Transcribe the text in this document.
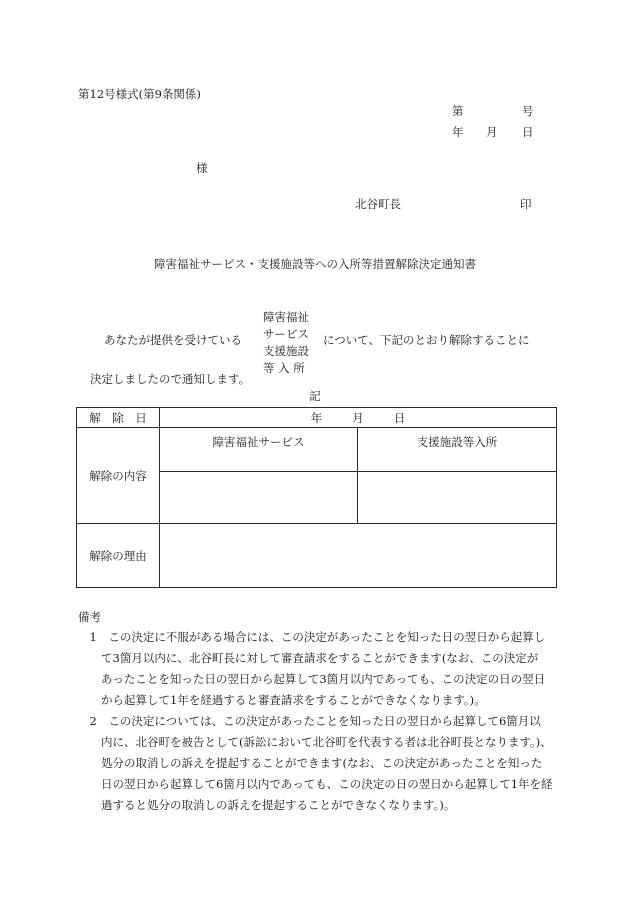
第12号様式(第9条関係)
第	号
年 月 日
様
北谷町長	印
障害福祉サービス・支援施設等への入所等措置解除決定通知書
あなたが提供を受けている
障害福祉
サービス
支援施設
等 入 所
について、下記のとおり解除することに
決定しましたので通知します。
記
解　除　日	年 月 日	
解除の内容	障害福祉サービス	支援施設等入所

解除の理由		
備考
　1　この決定に不服がある場合には、この決定があったことを知った日の翌日から起算し
　　て3箇月以内に、北谷町長に対して審査請求をすることができます(なお、この決定が
　　あったことを知った日の翌日から起算して3箇月以内であっても、この決定の日の翌日
　　から起算して1年を経過すると審査請求をすることができなくなります。)。
　2　この決定については、この決定があったことを知った日の翌日から起算して6箇月以
　　内に、北谷町を被告として(訴訟において北谷町を代表する者は北谷町長となります。)、
　　処分の取消しの訴えを提起することができます(なお、この決定があったことを知った
　　日の翌日から起算して6箇月以内であっても、この決定の日の翌日から起算して1年を経
　　過すると処分の取消しの訴えを提起することができなくなります。)。
